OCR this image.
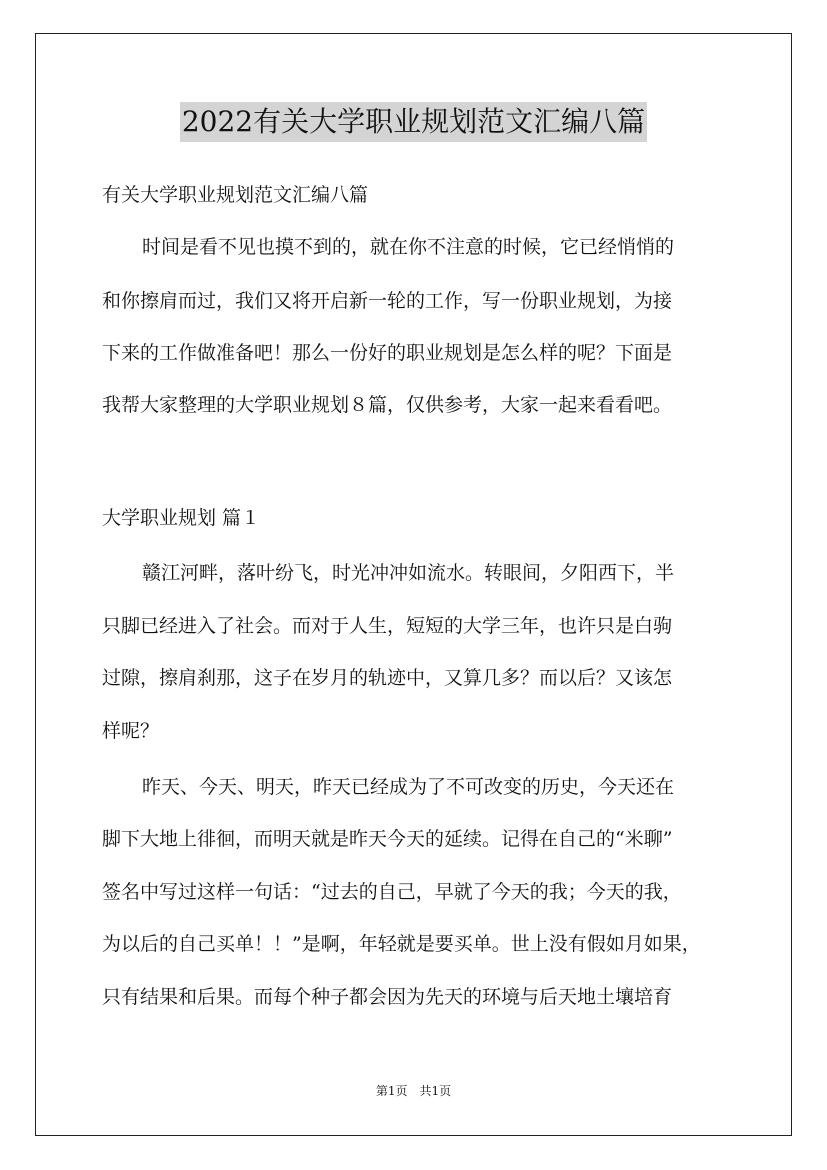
2022有关大学职业规划范文汇编八篇
有关大学职业规划范文汇编八篇
时间是看不见也摸不到的，就在你不注意的时候，它已经悄悄的
和你擦肩而过，我们又将开启新一轮的工作，写一份职业规划，为接
下来的工作做准备吧！那么一份好的职业规划是怎么样的呢？下面是
我帮大家整理的大学职业规划８篇，仅供参考，大家一起来看看吧。
大学职业规划 篇１
赣江河畔，落叶纷飞，时光冲冲如流水。转眼间，夕阳西下，半
只脚已经进入了社会。而对于人生，短短的大学三年，也许只是白驹
过隙，擦肩刹那，这子在岁月的轨迹中，又算几多？而以后？又该怎
样呢？
昨天、今天、明天，昨天已经成为了不可改变的历史，今天还在
脚下大地上徘徊，而明天就是昨天今天的延续。记得在自己的“米聊”
签名中写过这样一句话：“过去的自己，早就了今天的我；今天的我，
为以后的自己买单！！”是啊，年轻就是要买单。世上没有假如月如果，
只有结果和后果。而每个种子都会因为先天的环境与后天地土壤培育
第1页　共1页
